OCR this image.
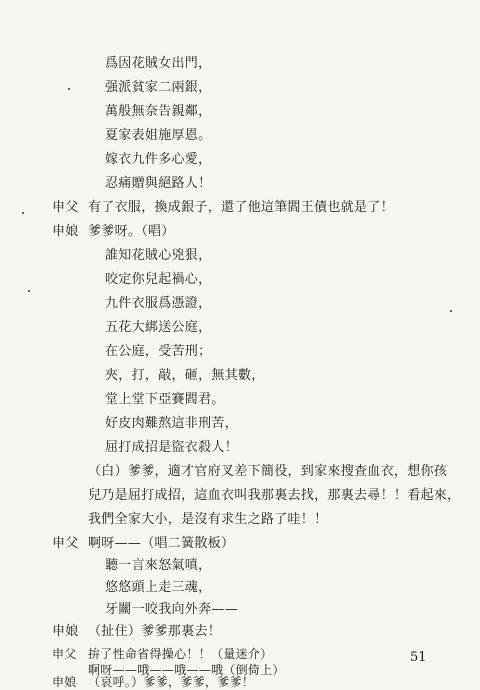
爲因花賊女出門，
强派貧家二兩銀，
萬般無奈告親鄰，
夏家表姐施厚恩。
嫁衣九件多心愛，
忍痛贈與絕路人！
申父 有了衣服，換成銀子，還了他這筆閻王債也就是了！
申娘 爹爹呀。（唱）
誰知花賊心兇狠，
咬定你兒起禍心，
九件衣服爲憑證，
五花大綁送公庭，
在公庭，受苦刑；
夾，打，敲，砸，無其數，
堂上堂下亞賽閻君。
好皮肉難熬這非刑苦，
屈打成招是盜衣殺人！
（白）爹爹，適才官府叉差下簡役，到家來搜查血衣，想你孩
兒乃是屈打成招，這血衣叫我那裏去找，那裏去尋！！看起來，
我們全家大小，是沒有求生之路了哇！！
申父 啊呀——（唱二簧散板）
聽一言來怒氣嗔，
悠悠頭上走三魂，
牙關一咬我向外奔——
申娘 （扯住）爹爹那裏去！
申父 拚了性命省得操心！！（量迷介）
啊呀——哦——哦——哦（倒倚上）
申娘 （哀呼。）爹爹，爹爹，爹爹！
51
